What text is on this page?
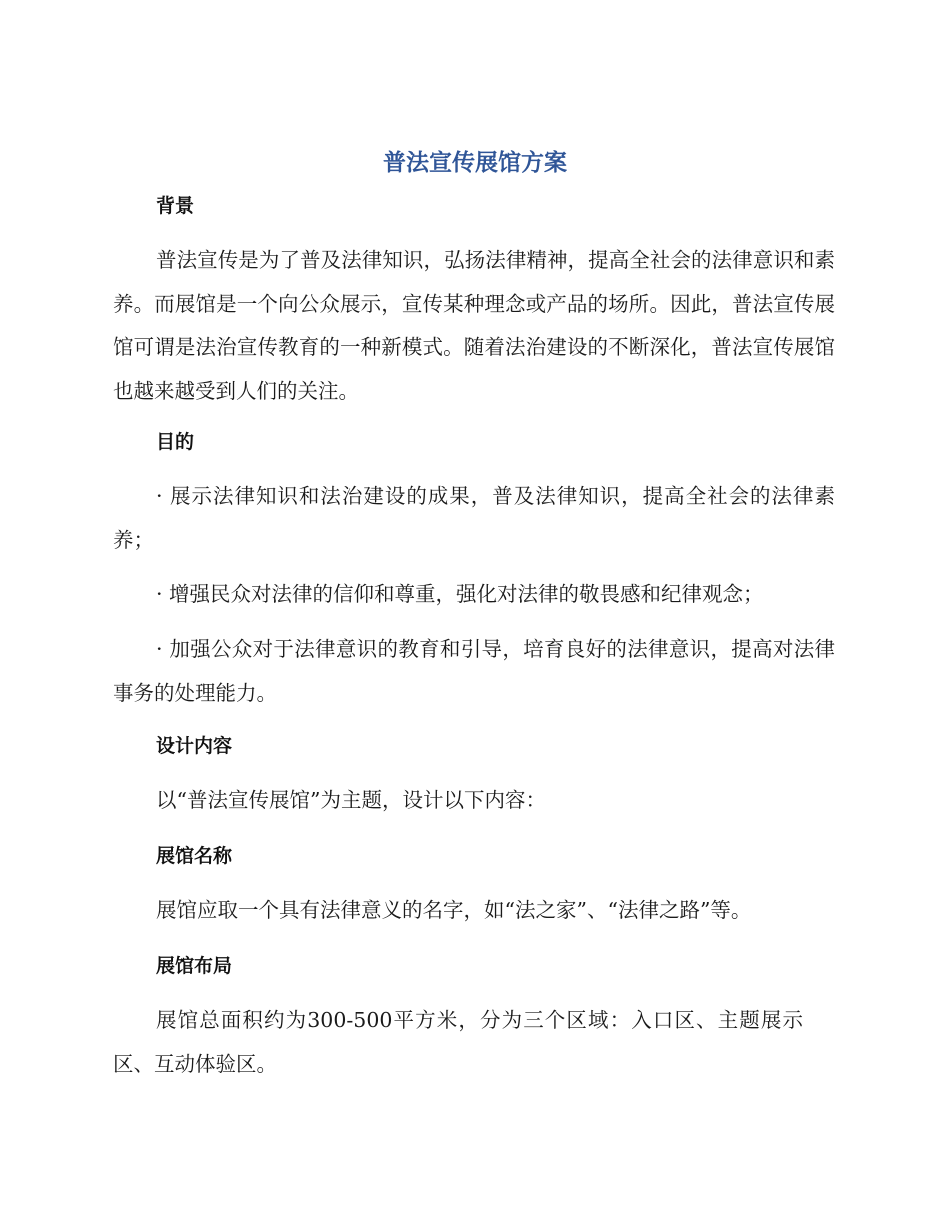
普法宣传展馆方案
背景

普法宣传是为了普及法律知识，弘扬法律精神，提高全社会的法律意识和素养。而展馆是一个向公众展示，宣传某种理念或产品的场所。因此，普法宣传展馆可谓是法治宣传教育的一种新模式。随着法治建设的不断深化，普法宣传展馆也越来越受到人们的关注。

目的

· 展示法律知识和法治建设的成果，普及法律知识，提高全社会的法律素养；

· 增强民众对法律的信仰和尊重，强化对法律的敬畏感和纪律观念；

· 加强公众对于法律意识的教育和引导，培育良好的法律意识，提高对法律事务的处理能力。

设计内容

以“普法宣传展馆”为主题，设计以下内容：

展馆名称

展馆应取一个具有法律意义的名字，如“法之家”、“法律之路”等。

展馆布局

展馆总面积约为300-500平方米，分为三个区域：入口区、主题展示区、互动体验区。
